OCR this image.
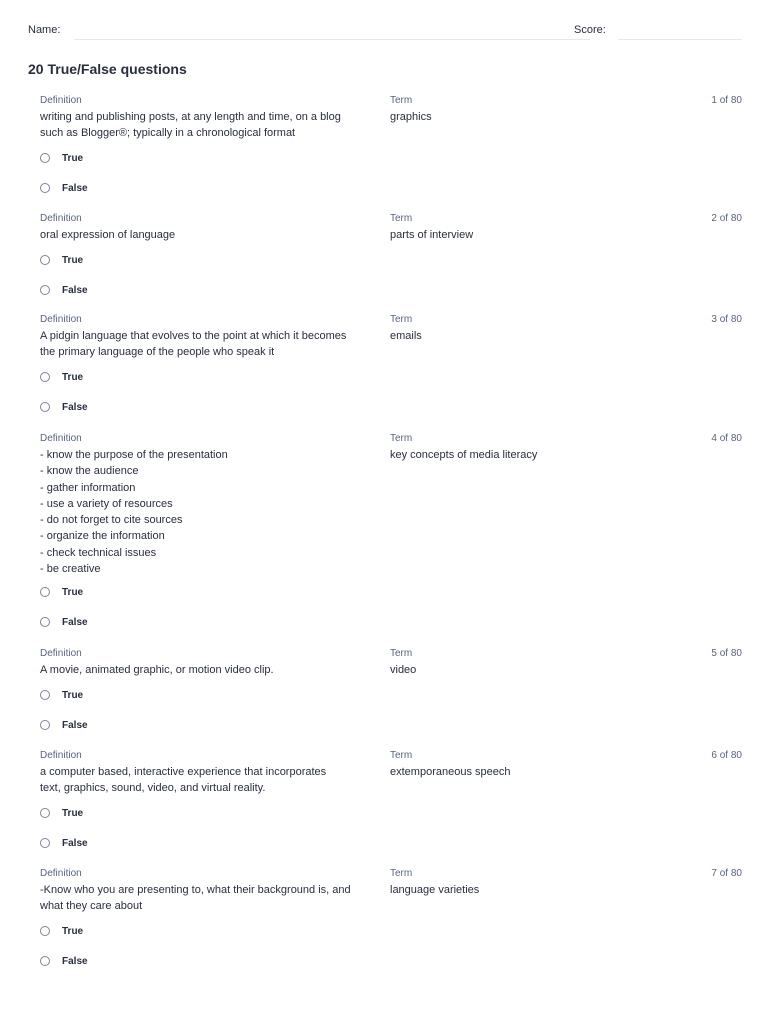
Name:	Score:
20 True/False questions
Definition
writing and publishing posts, at any length and time, on a blog
such as Blogger®; typically in a chronological format
Term
graphics
1 of 80
True
False
Definition
oral expression of language
Term
parts of interview
2 of 80
True
False
Definition
A pidgin language that evolves to the point at which it becomes
the primary language of the people who speak it
Term
emails
3 of 80
True
False
Definition
- know the purpose of the presentation
- know the audience
- gather information
- use a variety of resources
- do not forget to cite sources
- organize the information
- check technical issues
- be creative
Term
key concepts of media literacy
4 of 80
True
False
Definition
A movie, animated graphic, or motion video clip.
Term
video
5 of 80
True
False
Definition
a computer based, interactive experience that incorporates
text, graphics, sound, video, and virtual reality.
Term
extemporaneous speech
6 of 80
True
False
Definition
-Know who you are presenting to, what their background is, and
what they care about
Term
language varieties
7 of 80
True
False
